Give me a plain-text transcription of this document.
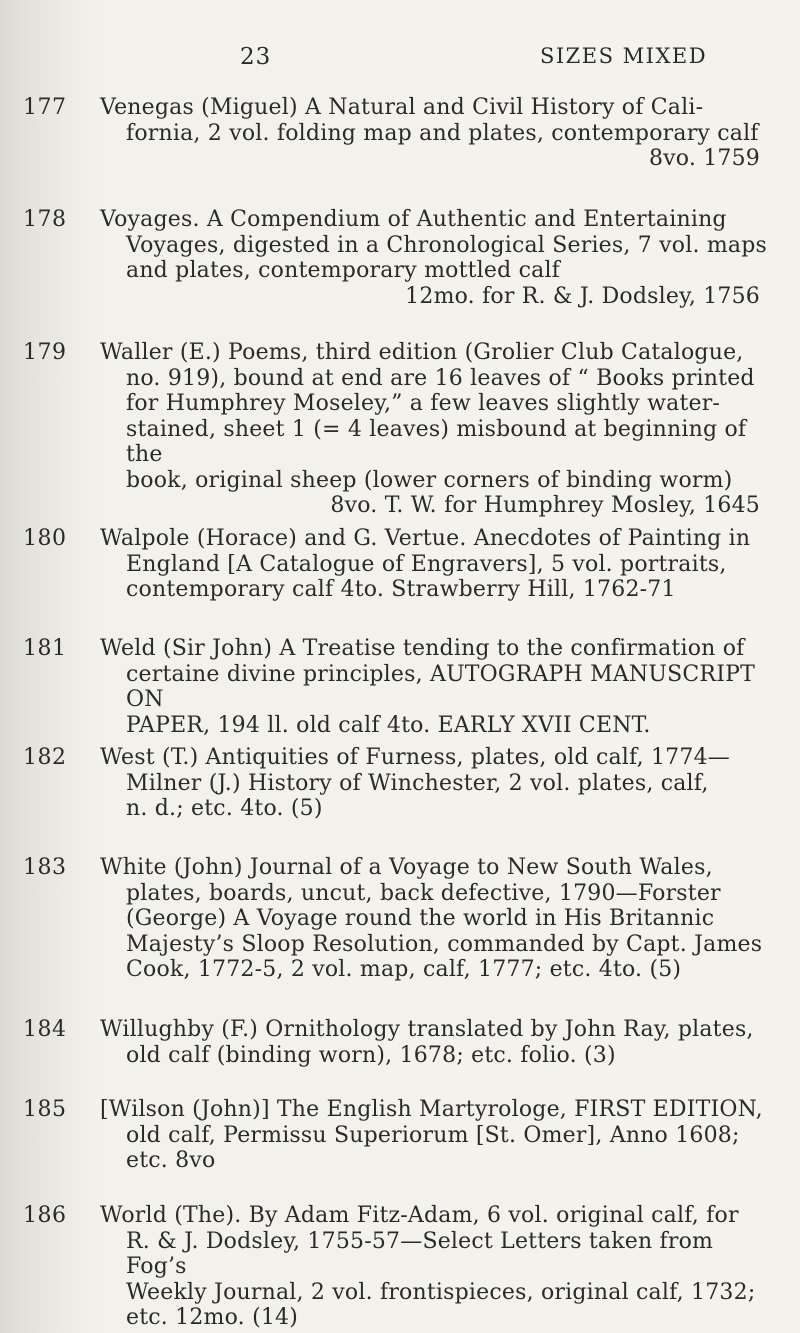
23	SIZES MIXED
177 Venegas (Miguel) A Natural and Civil History of Cali-
fornia, 2 vol. folding map and plates, contemporary calf
8vo. 1759
178 Voyages. A Compendium of Authentic and Entertaining
Voyages, digested in a Chronological Series, 7 vol. maps
and plates, contemporary mottled calf
12mo. for R. & J. Dodsley, 1756
179 Waller (E.) Poems, third edition (Grolier Club Catalogue,
no. 919), bound at end are 16 leaves of “ Books printed
for Humphrey Moseley,” a few leaves slightly water-
stained, sheet 1 (= 4 leaves) misbound at beginning of the
book, original sheep (lower corners of binding worm)
8vo. T. W. for Humphrey Mosley, 1645
180 Walpole (Horace) and G. Vertue. Anecdotes of Painting in
England [A Catalogue of Engravers], 5 vol. portraits,
contemporary calf 4to. Strawberry Hill, 1762-71
181 Weld (Sir John) A Treatise tending to the confirmation of
certaine divine principles, AUTOGRAPH MANUSCRIPT ON
PAPER, 194 ll. old calf 4to. EARLY XVII CENT.
182 West (T.) Antiquities of Furness, plates, old calf, 1774—
Milner (J.) History of Winchester, 2 vol. plates, calf,
n. d.; etc. 4to. (5)
183 White (John) Journal of a Voyage to New South Wales,
plates, boards, uncut, back defective, 1790—Forster
(George) A Voyage round the world in His Britannic
Majesty’s Sloop Resolution, commanded by Capt. James
Cook, 1772-5, 2 vol. map, calf, 1777; etc. 4to. (5)
184 Willughby (F.) Ornithology translated by John Ray, plates,
old calf (binding worn), 1678; etc. folio. (3)
185 [Wilson (John)] The English Martyrologe, FIRST EDITION,
old calf, Permissu Superiorum [St. Omer], Anno 1608;
etc. 8vo
186 World (The). By Adam Fitz-Adam, 6 vol. original calf, for
R. & J. Dodsley, 1755-57—Select Letters taken from Fog’s
Weekly Journal, 2 vol. frontispieces, original calf, 1732;
etc. 12mo. (14)
